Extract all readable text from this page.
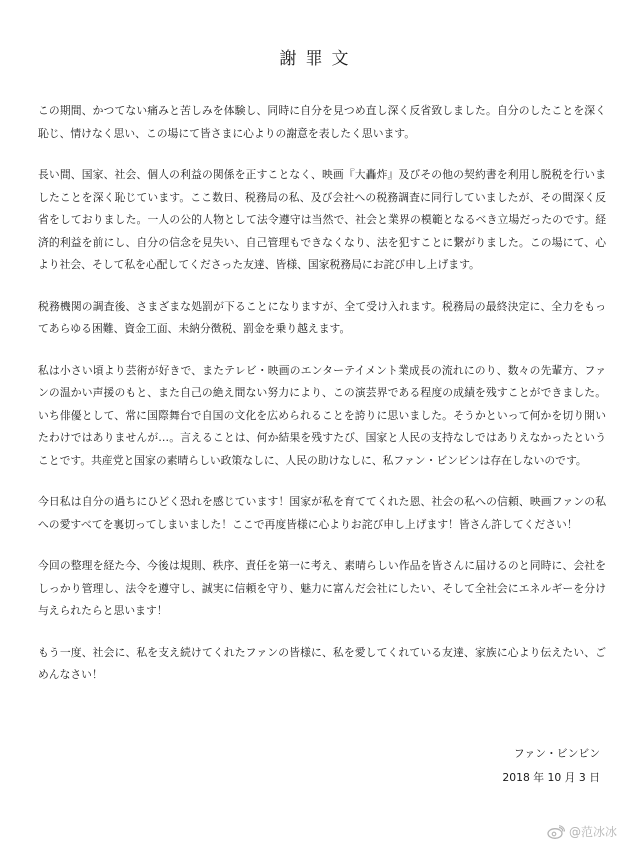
謝罪文

この期間、かつてない痛みと苦しみを体験し、同時に自分を見つめ直し深く反省致しました。自分のしたことを深く恥じ、情けなく思い、この場にて皆さまに心よりの謝意を表したく思います。

長い間、国家、社会、個人の利益の関係を正すことなく、映画『大轟炸』及びその他の契約書を利用し脱税を行いましたことを深く恥じています。ここ数日、税務局の私、及び会社への税務調査に同行していましたが、その間深く反省をしておりました。一人の公的人物として法令遵守は当然で、社会と業界の模範となるべき立場だったのです。経済的利益を前にし、自分の信念を見失い、自己管理もできなくなり、法を犯すことに繋がりました。この場にて、心より社会、そして私を心配してくださった友達、皆様、国家税務局にお詫び申し上げます。

税務機関の調査後、さまざまな処罰が下ることになりますが、全て受け入れます。税務局の最終決定に、全力をもってあらゆる困難、資金工面、未納分徴税、罰金を乗り越えます。

私は小さい頃より芸術が好きで、またテレビ・映画のエンターテイメント業成長の流れにのり、数々の先輩方、ファンの温かい声援のもと、また自己の絶え間ない努力により、この演芸界である程度の成績を残すことができました。いち俳優として、常に国際舞台で自国の文化を広められることを誇りに思いました。そうかといって何かを切り開いたわけではありませんが…。言えることは、何か結果を残すたび、国家と人民の支持なしではありえなかったということです。共産党と国家の素晴らしい政策なしに、人民の助けなしに、私ファン・ビンビンは存在しないのです。

今日私は自分の過ちにひどく恐れを感じています！国家が私を育ててくれた恩、社会の私への信頼、映画ファンの私への愛すべてを裏切ってしまいました！ここで再度皆様に心よりお詫び申し上げます！皆さん許してください！

今回の整理を経た今、今後は規則、秩序、責任を第一に考え、素晴らしい作品を皆さんに届けるのと同時に、会社をしっかり管理し、法令を遵守し、誠実に信頼を守り、魅力に富んだ会社にしたい、そして全社会にエネルギーを分け与えられたらと思います！

もう一度、社会に、私を支え続けてくれたファンの皆様に、私を愛してくれている友達、家族に心より伝えたい、ごめんなさい！

ファン・ビンビン
2018 年 10 月 3 日
@范冰冰
